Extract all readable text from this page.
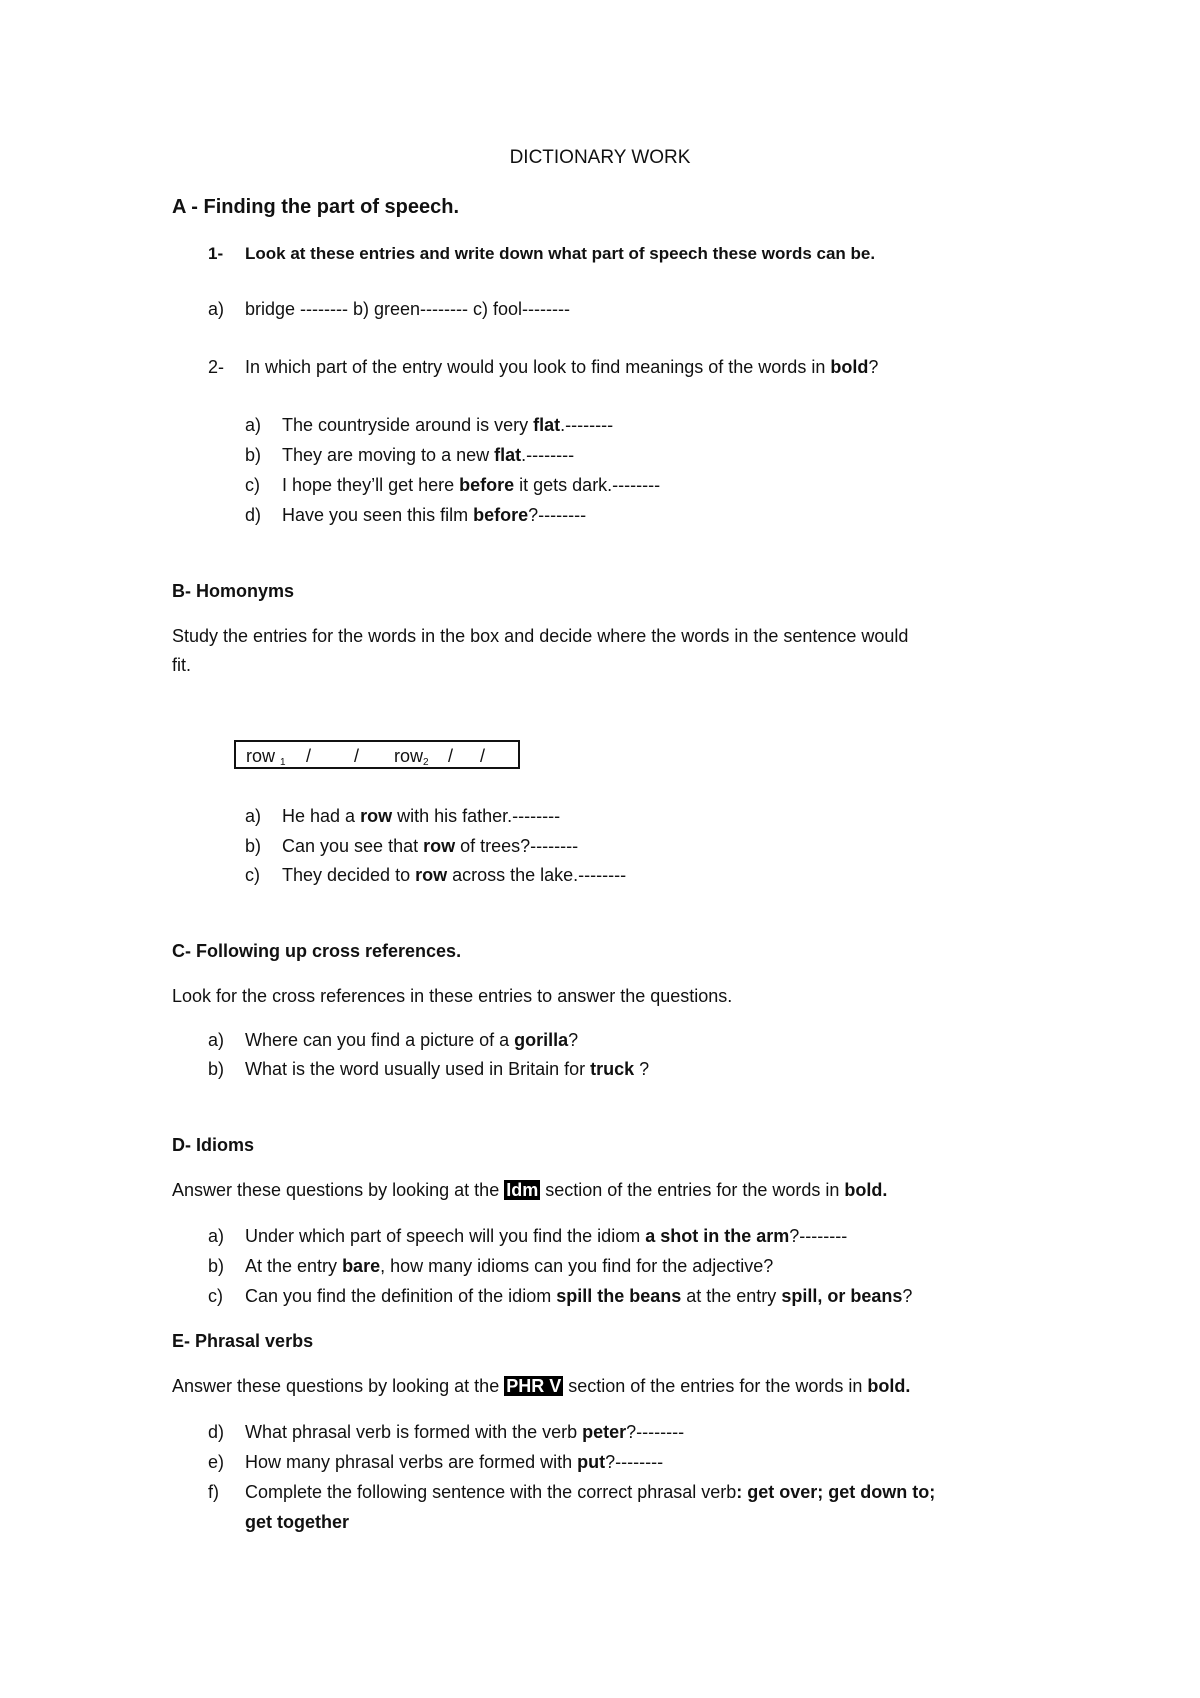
DICTIONARY WORK
A - Finding the part of speech.
1- Look at these entries and write down what part of speech these words can be.
a) bridge -------- b) green-------- c) fool--------
2- In which part of the entry would you look to find meanings of the words in bold?
a) The countryside around is very flat.--------
b) They are moving to a new flat.--------
c) I hope they’ll get here before it gets dark.--------
d) Have you seen this film before?--------
B- Homonyms
Study the entries for the words in the box and decide where the words in the sentence would
fit.
row $_1$ / / row$_2$ / /
a) He had a row with his father.--------
b) Can you see that row of trees?--------
c) They decided to row across the lake.--------
C- Following up cross references.
Look for the cross references in these entries to answer the questions.
a) Where can you find a picture of a gorilla?
b) What is the word usually used in Britain for truck ?
D- Idioms
Answer these questions by looking at the Idm section of the entries for the words in bold.
a) Under which part of speech will you find the idiom a shot in the arm?--------
b) At the entry bare, how many idioms can you find for the adjective?
c) Can you find the definition of the idiom spill the beans at the entry spill, or beans?
E- Phrasal verbs
Answer these questions by looking at the PHR V section of the entries for the words in bold.
d) What phrasal verb is formed with the verb peter?--------
e) How many phrasal verbs are formed with put?--------
f) Complete the following sentence with the correct phrasal verb: get over; get down to;
get together
